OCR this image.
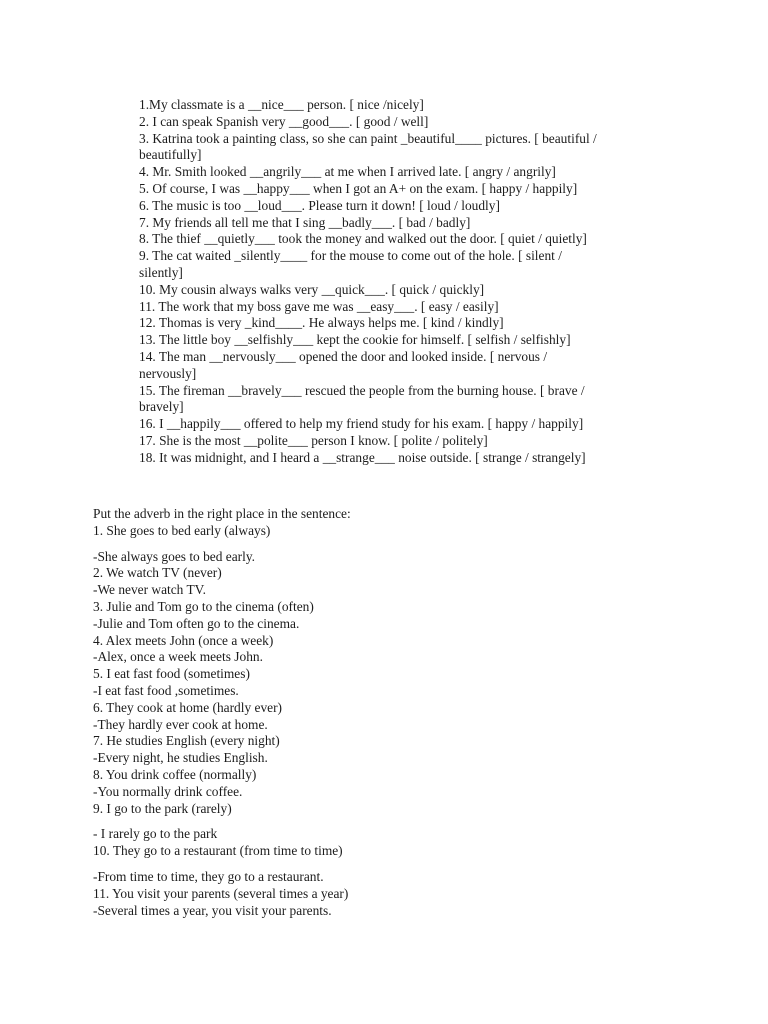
1.My classmate is a __nice___ person. [ nice /nicely]
2. I can speak Spanish very __good___. [ good / well]
3. Katrina took a painting class, so she can paint _beautiful____ pictures. [ beautiful /
beautifully]
4. Mr. Smith looked __angrily___ at me when I arrived late. [ angry / angrily]
5. Of course, I was __happy___ when I got an A+ on the exam. [ happy / happily]
6. The music is too __loud___. Please turn it down! [ loud / loudly]
7. My friends all tell me that I sing __badly___. [ bad / badly]
8. The thief __quietly___ took the money and walked out the door. [ quiet / quietly]
9. The cat waited _silently____ for the mouse to come out of the hole. [ silent /
silently]
10. My cousin always walks very __quick___. [ quick / quickly]
11. The work that my boss gave me was __easy___. [ easy / easily]
12. Thomas is very _kind____. He always helps me. [ kind / kindly]
13. The little boy __selfishly___ kept the cookie for himself. [ selfish / selfishly]
14. The man __nervously___ opened the door and looked inside. [ nervous /
nervously]
15. The fireman __bravely___ rescued the people from the burning house. [ brave /
bravely]
16. I __happily___ offered to help my friend study for his exam. [ happy / happily]
17. She is the most __polite___ person I know. [ polite / politely]
18. It was midnight, and I heard a __strange___ noise outside. [ strange / strangely]
Put the adverb in the right place in the sentence:
1. She goes to bed early (always)
-She always goes to bed early.
2. We watch TV (never)
-We never watch TV.
3. Julie and Tom go to the cinema (often)
-Julie and Tom often go to the cinema.
4. Alex meets John (once a week)
-Alex, once a week meets John.
5. I eat fast food (sometimes)
-I eat fast food ,sometimes.
6. They cook at home (hardly ever)
-They hardly ever cook at home.
7. He studies English (every night)
-Every night, he studies English.
8. You drink coffee (normally)
-You normally drink coffee.
9. I go to the park (rarely)
- I rarely go to the park
10. They go to a restaurant (from time to time)
-From time to time, they go to a restaurant.
11. You visit your parents (several times a year)
-Several times a year, you visit your parents.
